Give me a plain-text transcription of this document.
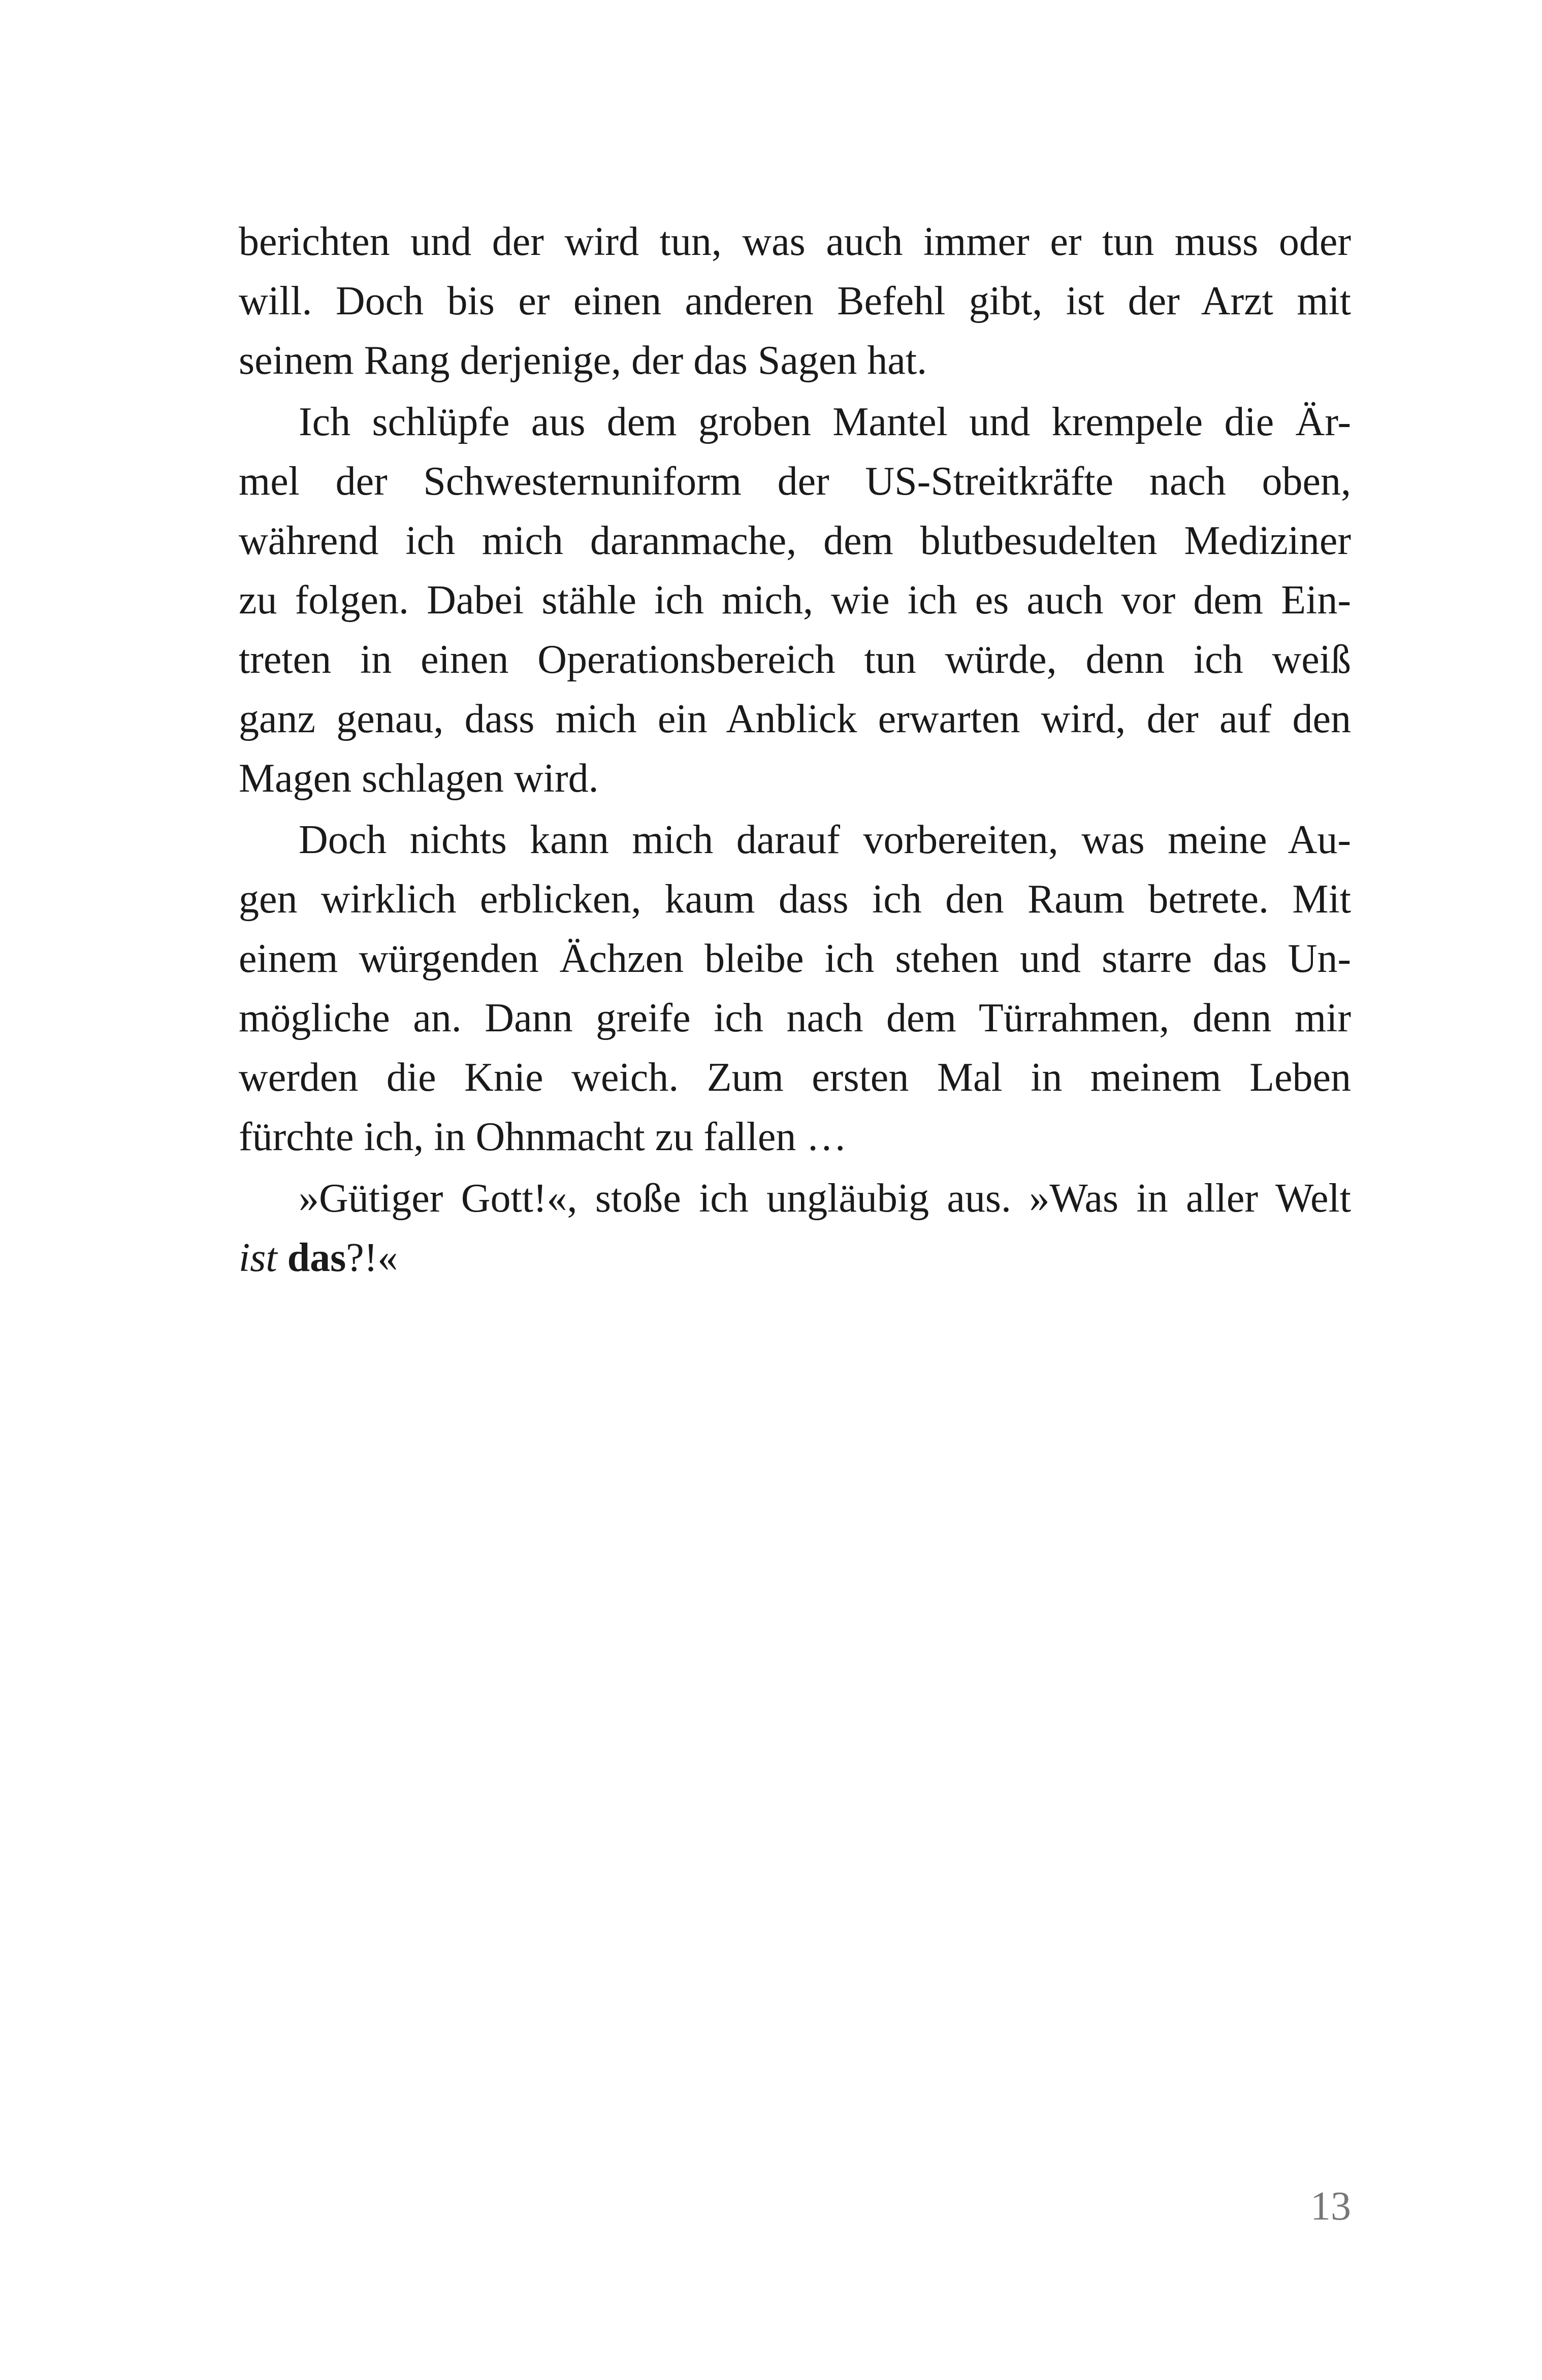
berichten und der wird tun, was auch immer er tun muss oder
will. Doch bis er einen anderen Befehl gibt, ist der Arzt mit
seinem Rang derjenige, der das Sagen hat.
Ich schlüpfe aus dem groben Mantel und krempele die Är-
mel der Schwesternuniform der US-Streitkräfte nach oben,
während ich mich daranmache, dem blutbesudelten Mediziner
zu folgen. Dabei stähle ich mich, wie ich es auch vor dem Ein-
treten in einen Operationsbereich tun würde, denn ich weiß
ganz genau, dass mich ein Anblick erwarten wird, der auf den
Magen schlagen wird.
Doch nichts kann mich darauf vorbereiten, was meine Au-
gen wirklich erblicken, kaum dass ich den Raum betrete. Mit
einem würgenden Ächzen bleibe ich stehen und starre das Un-
mögliche an. Dann greife ich nach dem Türrahmen, denn mir
werden die Knie weich. Zum ersten Mal in meinem Leben
fürchte ich, in Ohnmacht zu fallen …
»Gütiger Gott!«, stoße ich ungläubig aus. »Was in aller Welt
ist das?!«
13
